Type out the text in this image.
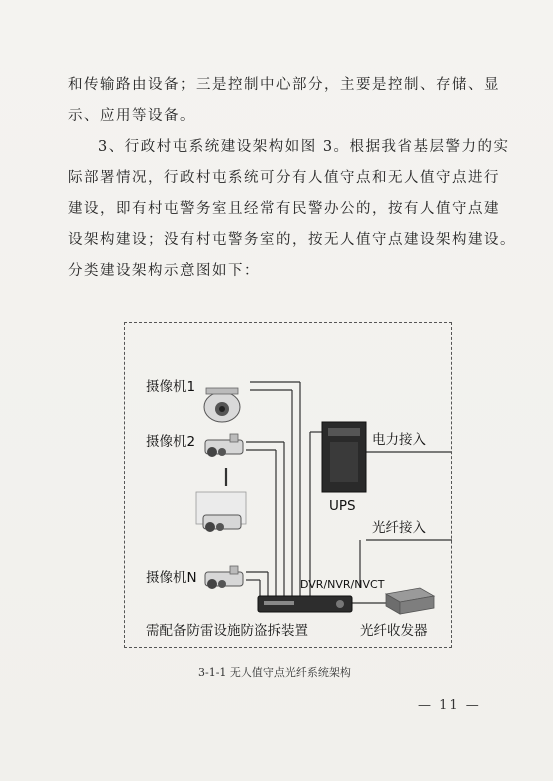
和传输路由设备；三是控制中心部分，主要是控制、存储、显
示、应用等设备。
3、行政村屯系统建设架构如图 3。根据我省基层警力的实
际部署情况，行政村屯系统可分有人值守点和无人值守点进行
建设，即有村屯警务室且经常有民警办公的，按有人值守点建
设架构建设；没有村屯警务室的，按无人值守点建设架构建设。
分类建设架构示意图如下：
摄像机1
摄像机2
摄像机N
电力接入
UPS
光纤接入
DVR/NVR/NVCT
需配备防雷设施防盗拆装置	光纤收发器
3-1-1 无人值守点光纤系统架构
— 11 —
